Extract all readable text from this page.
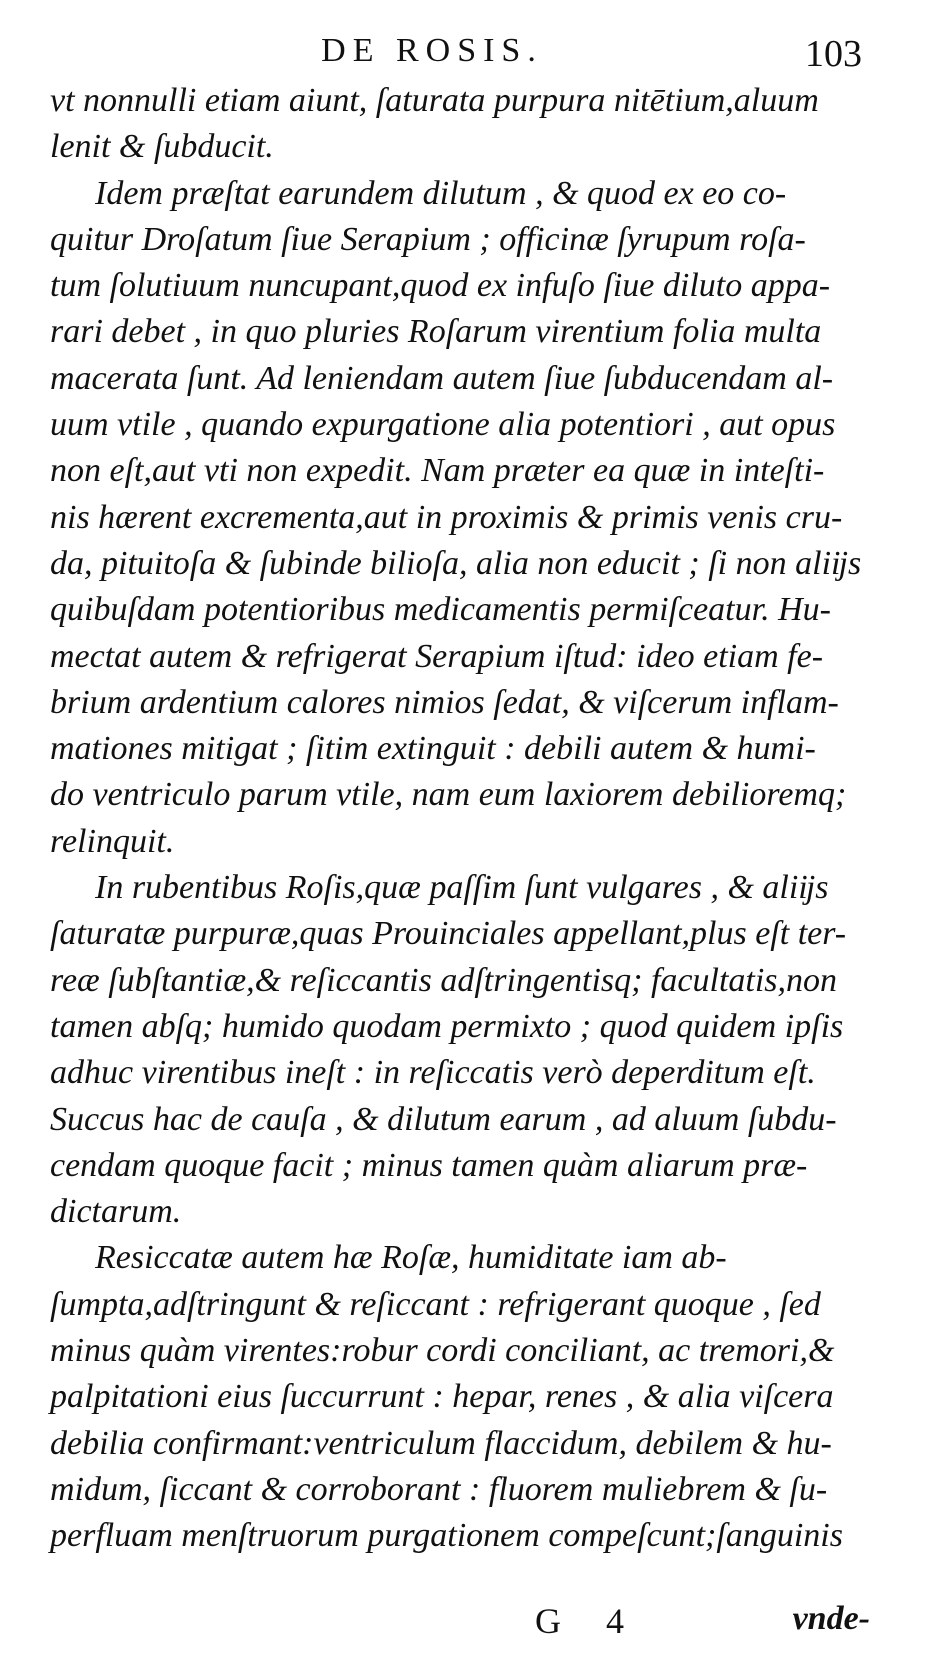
DE ROSIS.	103
vt nonnulli etiam aiunt, ſaturata purpura nitētium,aluum
lenit & ſubducit.
Idem præſtat earundem dilutum , & quod ex eo co-
quitur Droſatum ſiue Serapium ; officinæ ſyrupum roſa-
tum ſolutiuum nuncupant,quod ex infuſo ſiue diluto appa-
rari debet , in quo pluries Roſarum virentium folia multa
macerata ſunt. Ad leniendam autem ſiue ſubducendam al-
uum vtile , quando expurgatione alia potentiori , aut opus
non eſt,aut vti non expedit. Nam præter ea quæ in inteſti-
nis hærent excrementa,aut in proximis & primis venis cru-
da, pituitoſa & ſubinde bilioſa, alia non educit ; ſi non aliĳs
quibuſdam potentioribus medicamentis permiſceatur. Hu-
mectat autem & refrigerat Serapium iſtud: ideo etiam fe-
brium ardentium calores nimios ſedat, & viſcerum inflam-
mationes mitigat ; ſitim extinguit : debili autem & humi-
do ventriculo parum vtile, nam eum laxiorem debilioremq;
relinquit.
In rubentibus Roſis,quæ paſſim ſunt vulgares , & aliĳs
ſaturatæ purpuræ,quas Prouinciales appellant,plus eſt ter-
reæ ſubſtantiæ,& reſiccantis adſtringentisq; facultatis,non
tamen abſq; humido quodam permixto ; quod quidem ipſis
adhuc virentibus ineſt : in reſiccatis verò deperditum eſt.
Succus hac de cauſa , & dilutum earum , ad aluum ſubdu-
cendam quoque facit ; minus tamen quàm aliarum præ-
dictarum.
Resiccatæ autem hæ Roſæ, humiditate iam ab-
ſumpta,adſtringunt & reſiccant : refrigerant quoque , ſed
minus quàm virentes:robur cordi conciliant, ac tremori,&
palpitationi eius ſuccurrunt : hepar, renes , & alia viſcera
debilia confirmant:ventriculum flaccidum, debilem & hu-
midum, ſiccant & corroborant : fluorem muliebrem & ſu-
perfluam menſtruorum purgationem compeſcunt;ſanguinis
G 4	vnde-
